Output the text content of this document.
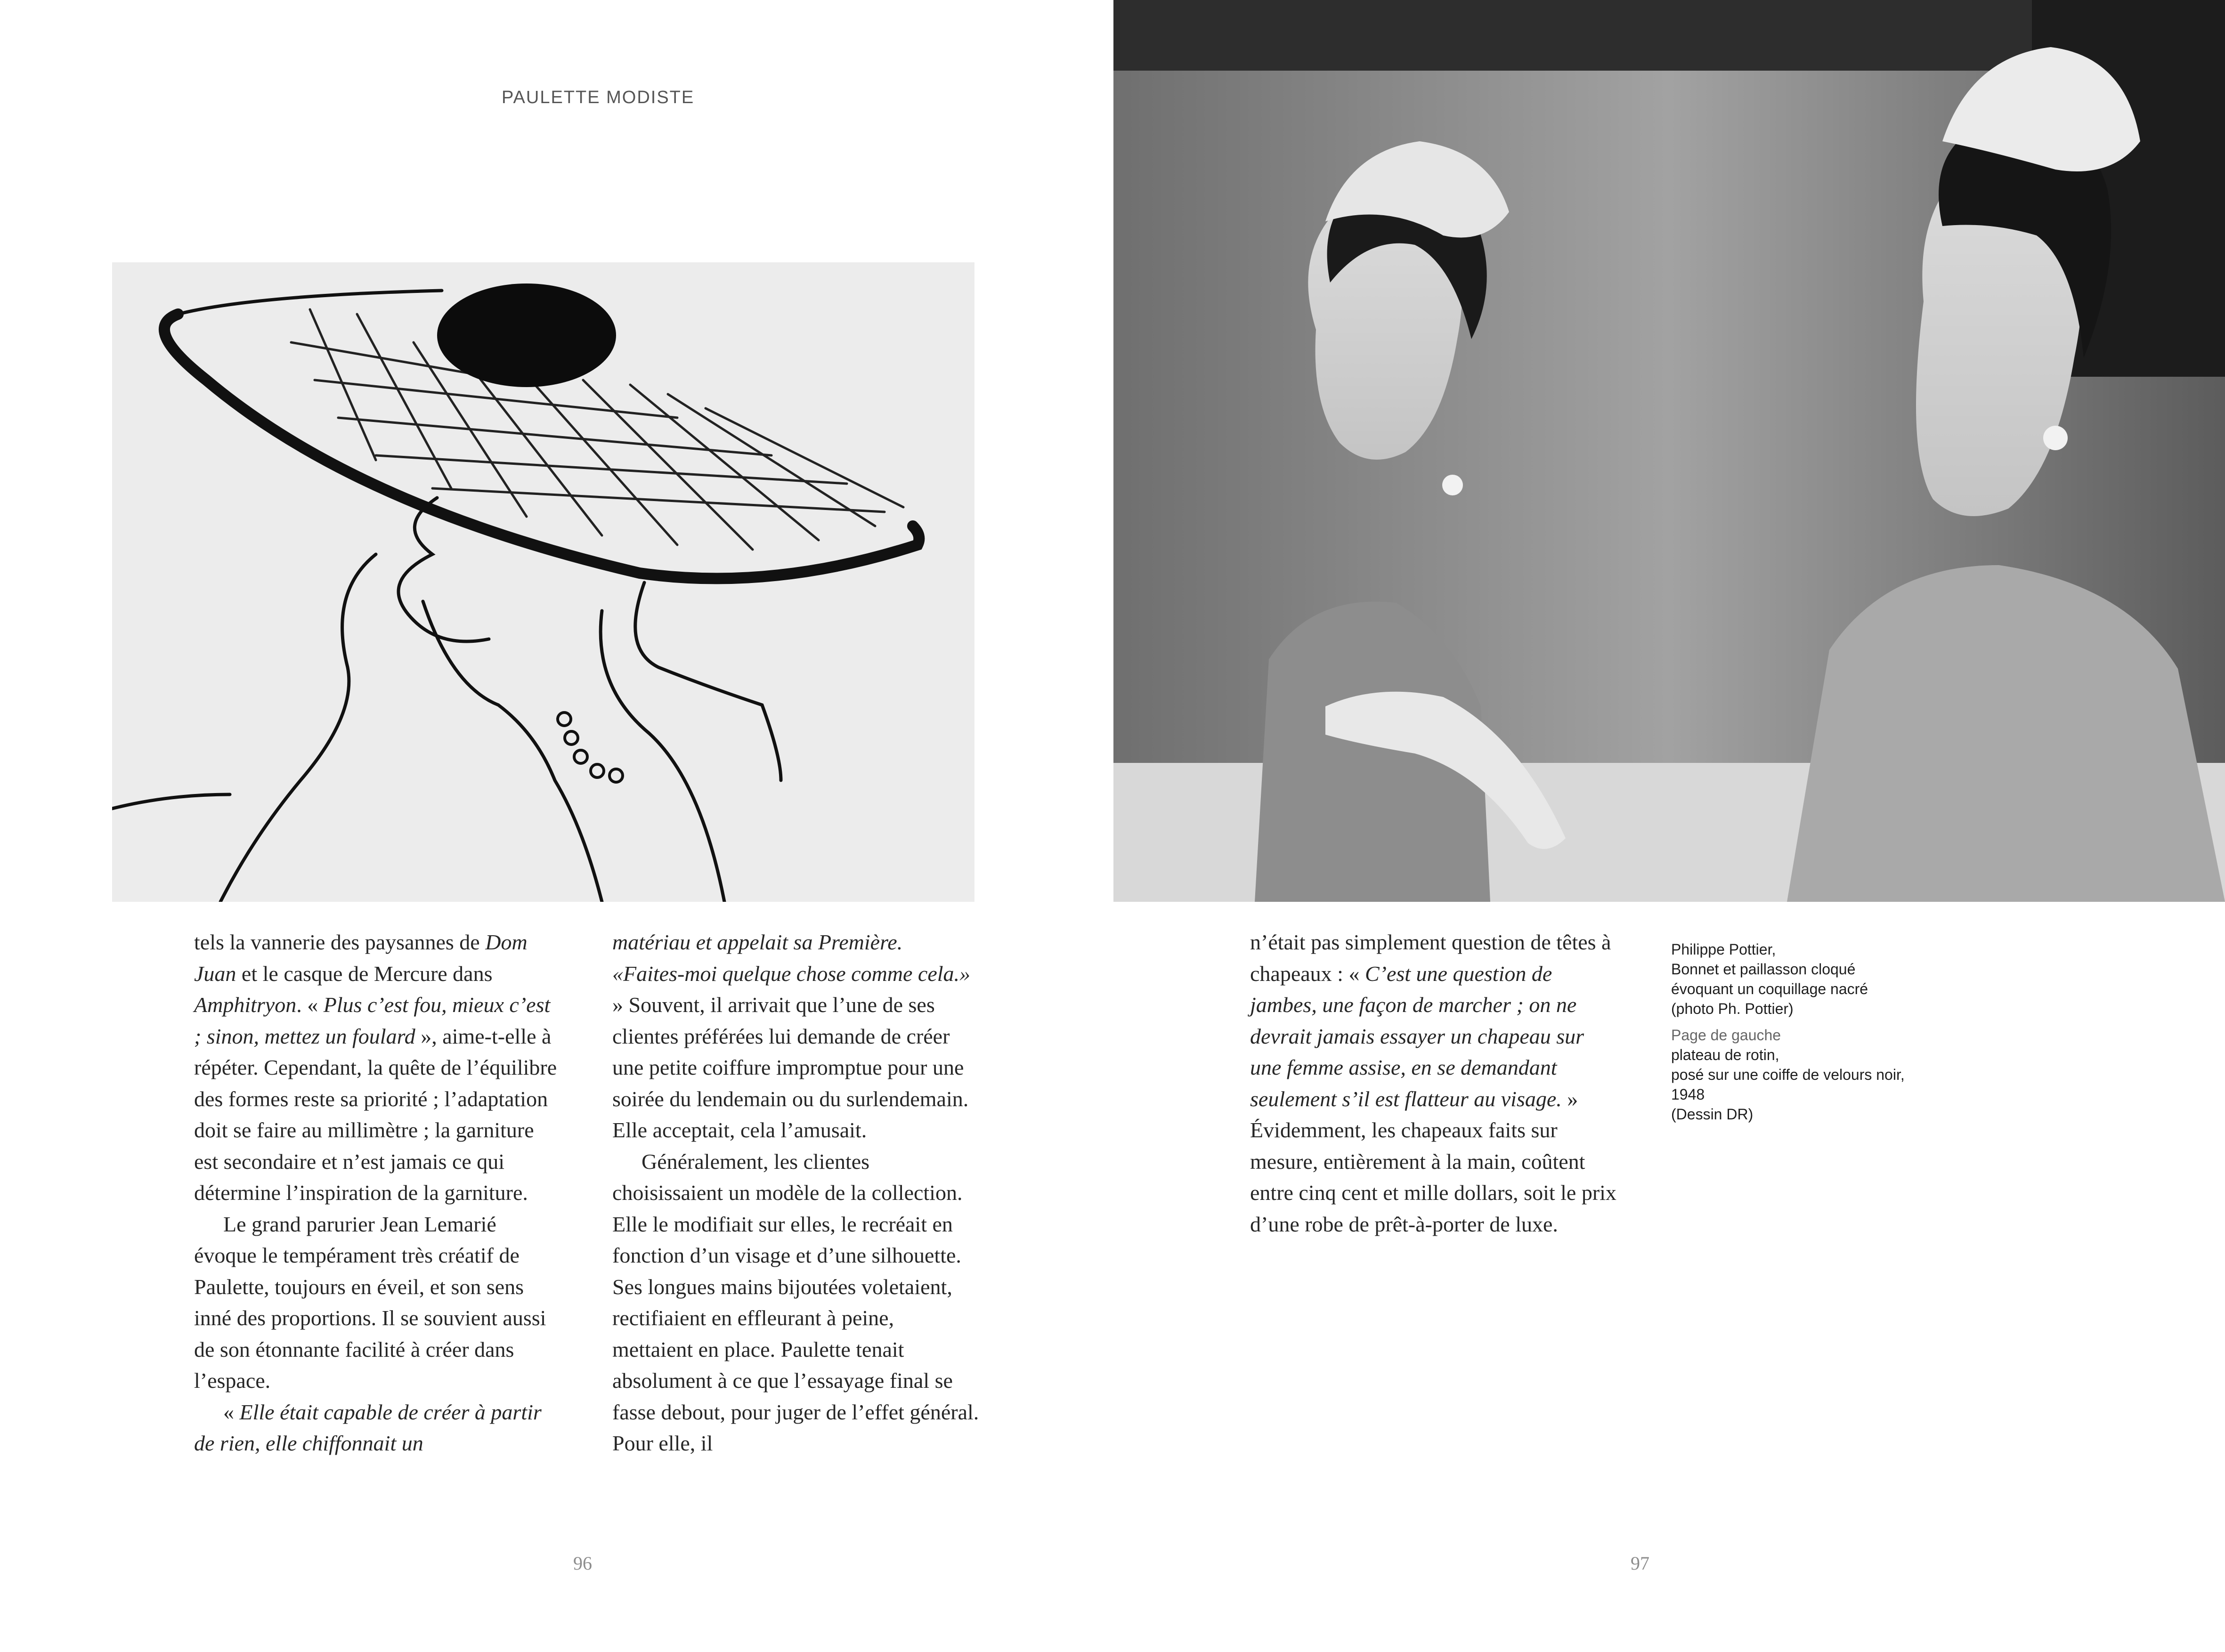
PAULETTE MODISTE

tels la vannerie des paysannes de Dom Juan et le casque de Mercure dans Amphitryon. « Plus c’est fou, mieux c’est ; sinon, mettez un foulard », aime-t-elle à répéter. Cependant, la quête de l’équilibre des formes reste sa priorité ; l’adaptation doit se faire au millimètre ; la garniture est secondaire et n’est jamais ce qui détermine l’inspiration de la garniture.

Le grand parurier Jean Lemarié évoque le tempérament très créatif de Paulette, toujours en éveil, et son sens inné des proportions. Il se souvient aussi de son étonnante facilité à créer dans l’espace.

« Elle était capable de créer à partir de rien, elle chiffonnait un

matériau et appelait sa Première. «Faites-moi quelque chose comme cela.» » Souvent, il arrivait que l’une de ses clientes préférées lui demande de créer une petite coiffure impromptue pour une soirée du lendemain ou du surlendemain. Elle acceptait, cela l’amusait.

Généralement, les clientes choisissaient un modèle de la collection. Elle le modifiait sur elles, le recréait en fonction d’un visage et d’une silhouette. Ses longues mains bijoutées voletaient, rectifiaient en effleurant à peine, mettaient en place. Paulette tenait absolument à ce que l’essayage final se fasse debout, pour juger de l’effet général. Pour elle, il

n’était pas simplement question de têtes à chapeaux : « C’est une question de jambes, une façon de marcher ; on ne devrait jamais essayer un chapeau sur une femme assise, en se demandant seulement s’il est flatteur au visage. » Évidemment, les chapeaux faits sur mesure, entièrement à la main, coûtent entre cinq cent et mille dollars, soit le prix d’une robe de prêt-à-porter de luxe.

Philippe Pottier,
Bonnet et paillasson cloqué évoquant un coquillage nacré
(photo Ph. Pottier)
Page de gauche
plateau de rotin,
posé sur une coiffe de velours noir, 1948
(Dessin DR)
96	97
